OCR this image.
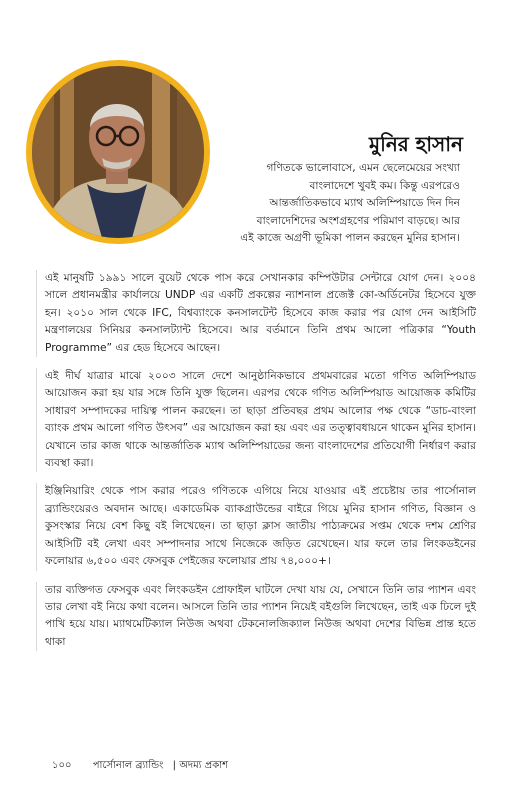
মুনির হাসান

গণিতকে ভালোবাসে, এমন ছেলেমেয়ের সংখ্যা

বাংলাদেশে খুবই কম। কিন্তু এরপরেও

আন্তর্জাতিকভাবে ম্যাথ অলিম্পিয়াডে দিন দিন

বাংলাদেশিদের অংশগ্রহণের পরিমাণ বাড়ছে। আর

এই কাজে অগ্রণী ভূমিকা পালন করছেন মুনির হাসান।

এই মানুষটি ১৯৯১ সালে বুয়েট থেকে পাস করে সেখানকার কম্পিউটার সেন্টারে যোগ দেন। ২০০৪ সালে প্রধানমন্ত্রীর কার্যালয়ে UNDP এর একটি প্রকল্পের ন্যাশনাল প্রজেক্ট কো-অর্ডিনেটর হিসেবে যুক্ত হন। ২০১০ সাল থেকে IFC, বিশ্বব্যাংকে কনসালটেন্ট হিসেবে কাজ করার পর যোগ দেন আইসিটি মন্ত্রণালয়ের সিনিয়র কনসালট্যান্ট হিসেবে। আর বর্তমানে তিনি প্রথম আলো পত্রিকার “Youth Programme” এর হেড হিসেবে আছেন।

এই দীর্ঘ যাত্রার মাঝে ২০০৩ সালে দেশে আনুষ্ঠানিকভাবে প্রথমবারের মতো গণিত অলিম্পিয়াড আয়োজন করা হয় যার সঙ্গে তিনি যুক্ত ছিলেন। এরপর থেকে গণিত অলিম্পিয়াড আয়োজক কমিটির সাধারণ সম্পাদকের দায়িত্ব পালন করছেন। তা ছাড়া প্রতিবছর প্রথম আলোর পক্ষ থেকে “ডাচ-বাংলা ব্যাংক প্রথম আলো গণিত উৎসব” এর আয়োজন করা হয় এবং এর তত্ত্বাবধায়নে থাকেন মুনির হাসান। যেখানে তার কাজ থাকে আন্তর্জাতিক ম্যাথ অলিম্পিয়াডের জন্য বাংলাদেশের প্রতিযোগী নির্ধারণ করার ব্যবস্থা করা।

ইঞ্জিনিয়ারিং থেকে পাস করার পরেও গণিতকে এগিয়ে নিয়ে যাওয়ার এই প্রচেষ্টায় তার পার্সোনাল ব্র্যান্ডিংয়েরও অবদান আছে। একাডেমিক ব্যাকগ্রাউন্ডের বাইরে গিয়ে মুনির হাসান গণিত, বিজ্ঞান ও কুসংস্কার নিয়ে বেশ কিছু বই লিখেছেন। তা ছাড়া ক্লাস জাতীয় পাঠ্যক্রমের সপ্তম থেকে দশম শ্রেণির আইসিটি বই লেখা এবং সম্পাদনার সাথে নিজেকে জড়িত রেখেছেন। যার ফলে তার লিংকডইনের ফলোয়ার ৬,৫০০ এবং ফেসবুক পেইজের ফলোয়ার প্রায় ৭৪,০০০+।

তার ব্যক্তিগত ফেসবুক এবং লিংকডইন প্রোফাইল ঘাটলে দেখা যায় যে, সেখানে তিনি তার প্যাশন এবং তার লেখা বই নিয়ে কথা বলেন। আসলে তিনি তার প্যাশন নিয়েই বইগুলি লিখেছেন, তাই এক ঢিলে দুই পাখি হয়ে যায়। ম্যাথমেটিক্যাল নিউজ অথবা টেকনোলজিক্যাল নিউজ অথবা দেশের বিভিন্ন প্রান্ত হতে থাকা

১০০ পার্সোনাল ব্র্যান্ডিং | অদম্য প্রকাশ
